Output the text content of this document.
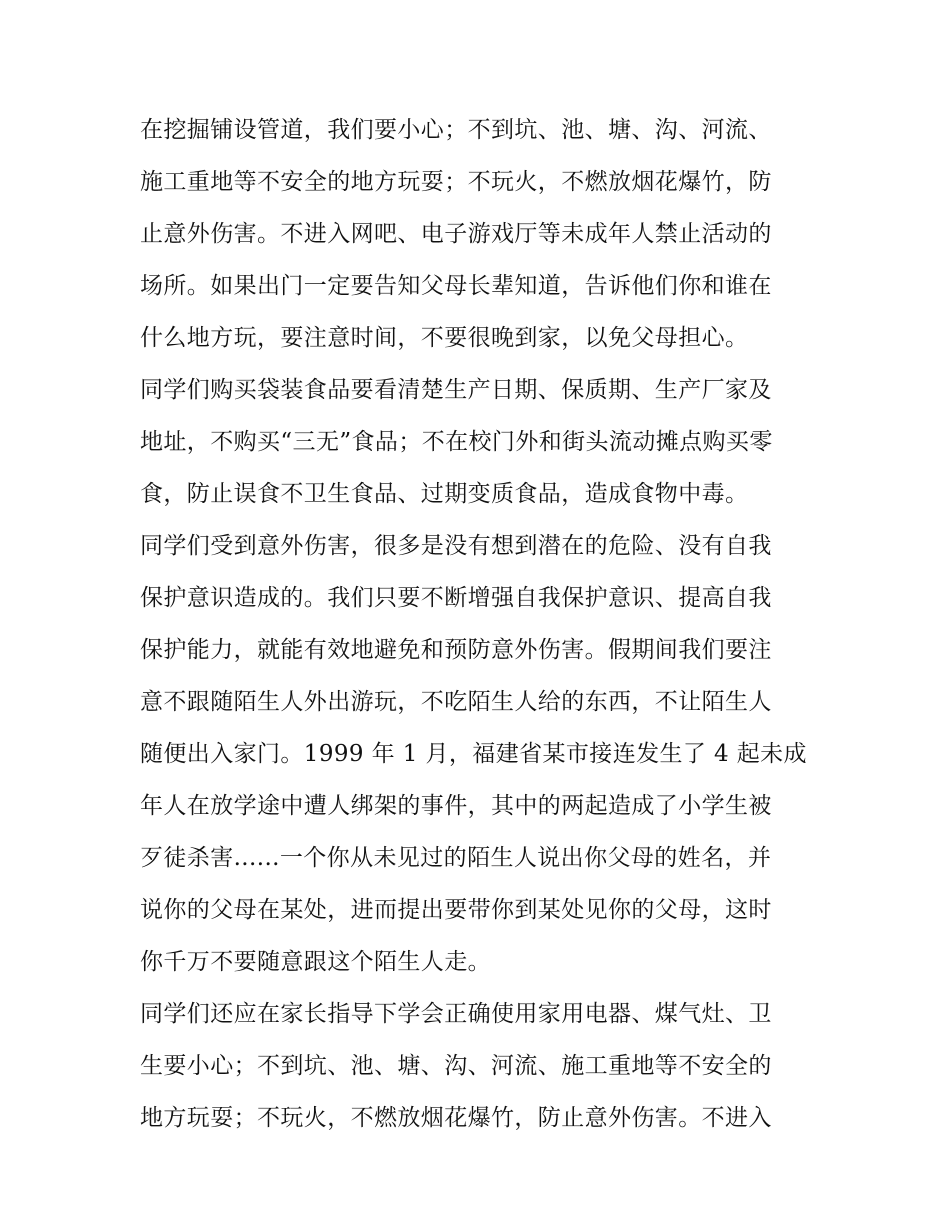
在挖掘铺设管道，我们要小心；不到坑、池、塘、沟、河流、
施工重地等不安全的地方玩耍；不玩火，不燃放烟花爆竹，防
止意外伤害。不进入网吧、电子游戏厅等未成年人禁止活动的
场所。如果出门一定要告知父母长辈知道，告诉他们你和谁在
什么地方玩，要注意时间，不要很晚到家，以免父母担心。
同学们购买袋装食品要看清楚生产日期、保质期、生产厂家及
地址，不购买“三无”食品；不在校门外和街头流动摊点购买零
食，防止误食不卫生食品、过期变质食品，造成食物中毒。
同学们受到意外伤害，很多是没有想到潜在的危险、没有自我
保护意识造成的。我们只要不断增强自我保护意识、提高自我
保护能力，就能有效地避免和预防意外伤害。假期间我们要注
意不跟随陌生人外出游玩，不吃陌生人给的东西，不让陌生人
随便出入家门。1999 年 1 月，福建省某市接连发生了 4 起未成
年人在放学途中遭人绑架的事件，其中的两起造成了小学生被
歹徒杀害......一个你从未见过的陌生人说出你父母的姓名，并
说你的父母在某处，进而提出要带你到某处见你的父母，这时
你千万不要随意跟这个陌生人走。
同学们还应在家长指导下学会正确使用家用电器、煤气灶、卫
生要小心；不到坑、池、塘、沟、河流、施工重地等不安全的
地方玩耍；不玩火，不燃放烟花爆竹，防止意外伤害。不进入
